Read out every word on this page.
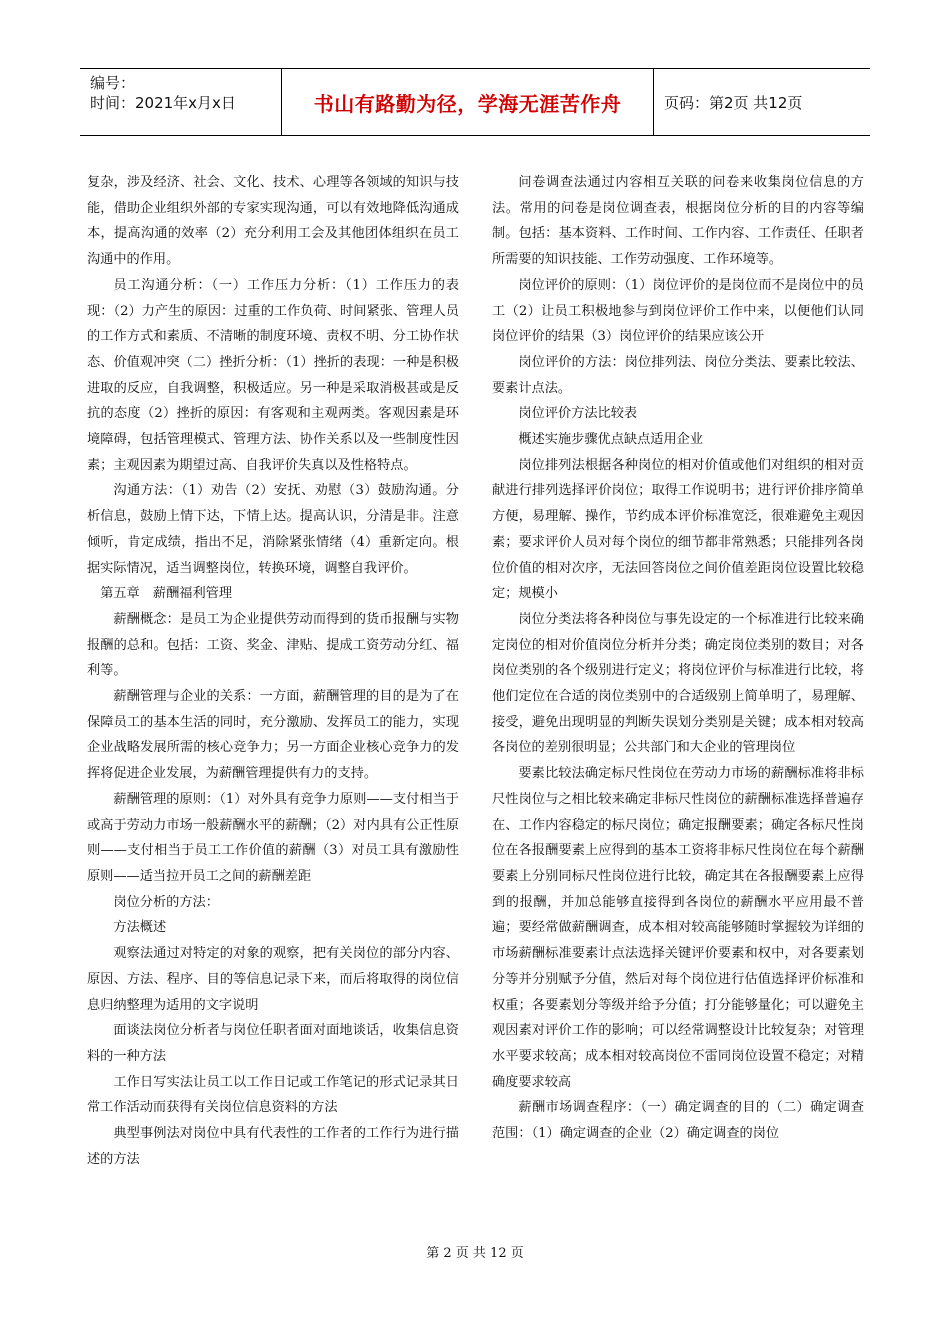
编号：
时间：2021年x月x日	书山有路勤为径，学海无涯苦作舟	页码：第2页 共12页

复杂，涉及经济、社会、文化、技术、心理等各领域的知识与技能，借助企业组织外部的专家实现沟通，可以有效地降低沟通成本，提高沟通的效率（2）充分利用工会及其他团体组织在员工沟通中的作用。

员工沟通分析：（一）工作压力分析：（1）工作压力的表现：（2）力产生的原因：过重的工作负荷、时间紧张、管理人员的工作方式和素质、不清晰的制度环境、责权不明、分工协作状态、价值观冲突（二）挫折分析：（1）挫折的表现：一种是积极进取的反应，自我调整，积极适应。另一种是采取消极甚或是反抗的态度（2）挫折的原因：有客观和主观两类。客观因素是环境障碍，包括管理模式、管理方法、协作关系以及一些制度性因素；主观因素为期望过高、自我评价失真以及性格特点。

沟通方法：（1）劝告（2）安抚、劝慰（3）鼓励沟通。分析信息，鼓励上情下达，下情上达。提高认识，分清是非。注意倾听，肯定成绩，指出不足，消除紧张情绪（4）重新定向。根据实际情况，适当调整岗位，转换环境，调整自我评价。

第五章　薪酬福利管理

薪酬概念：是员工为企业提供劳动而得到的货币报酬与实物报酬的总和。包括：工资、奖金、津贴、提成工资劳动分红、福利等。

薪酬管理与企业的关系：一方面，薪酬管理的目的是为了在保障员工的基本生活的同时，充分激励、发挥员工的能力，实现企业战略发展所需的核心竞争力；另一方面企业核心竞争力的发挥将促进企业发展，为薪酬管理提供有力的支持。

薪酬管理的原则：（1）对外具有竞争力原则——支付相当于或高于劳动力市场一般薪酬水平的薪酬；（2）对内具有公正性原则——支付相当于员工工作价值的薪酬（3）对员工具有激励性原则——适当拉开员工之间的薪酬差距

岗位分析的方法：

方法概述

观察法通过对特定的对象的观察，把有关岗位的部分内容、原因、方法、程序、目的等信息记录下来，而后将取得的岗位信息归纳整理为适用的文字说明

面谈法岗位分析者与岗位任职者面对面地谈话，收集信息资料的一种方法

工作日写实法让员工以工作日记或工作笔记的形式记录其日常工作活动而获得有关岗位信息资料的方法

典型事例法对岗位中具有代表性的工作者的工作行为进行描述的方法

问卷调查法通过内容相互关联的问卷来收集岗位信息的方法。常用的问卷是岗位调查表，根据岗位分析的目的内容等编制。包括：基本资料、工作时间、工作内容、工作责任、任职者所需要的知识技能、工作劳动强度、工作环境等。

岗位评价的原则：（1）岗位评价的是岗位而不是岗位中的员工（2）让员工积极地参与到岗位评价工作中来，以便他们认同岗位评价的结果（3）岗位评价的结果应该公开

岗位评价的方法：岗位排列法、岗位分类法、要素比较法、要素计点法。

岗位评价方法比较表

概述实施步骤优点缺点适用企业

岗位排列法根据各种岗位的相对价值或他们对组织的相对贡献进行排列选择评价岗位；取得工作说明书；进行评价排序简单方便，易理解、操作，节约成本评价标准宽泛，很难避免主观因素；要求评价人员对每个岗位的细节都非常熟悉；只能排列各岗位价值的相对次序，无法回答岗位之间价值差距岗位设置比较稳定；规模小

岗位分类法将各种岗位与事先设定的一个标准进行比较来确定岗位的相对价值岗位分析并分类；确定岗位类别的数目；对各岗位类别的各个级别进行定义；将岗位评价与标准进行比较，将他们定位在合适的岗位类别中的合适级别上简单明了，易理解、接受，避免出现明显的判断失误划分类别是关键；成本相对较高各岗位的差别很明显；公共部门和大企业的管理岗位

要素比较法确定标尺性岗位在劳动力市场的薪酬标准将非标尺性岗位与之相比较来确定非标尺性岗位的薪酬标准选择普遍存在、工作内容稳定的标尺岗位；确定报酬要素；确定各标尺性岗位在各报酬要素上应得到的基本工资将非标尺性岗位在每个薪酬要素上分别同标尺性岗位进行比较，确定其在各报酬要素上应得到的报酬，并加总能够直接得到各岗位的薪酬水平应用最不普遍；要经常做薪酬调查，成本相对较高能够随时掌握较为详细的市场薪酬标准要素计点法选择关键评价要素和权中，对各要素划分等并分别赋予分值，然后对每个岗位进行估值选择评价标准和权重；各要素划分等级并给予分值；打分能够量化；可以避免主观因素对评价工作的影响；可以经常调整设计比较复杂；对管理水平要求较高；成本相对较高岗位不雷同岗位设置不稳定；对精确度要求较高

薪酬市场调查程序：（一）确定调查的目的（二）确定调查范围：（1）确定调查的企业（2）确定调查的岗位

第 2 页 共 12 页
